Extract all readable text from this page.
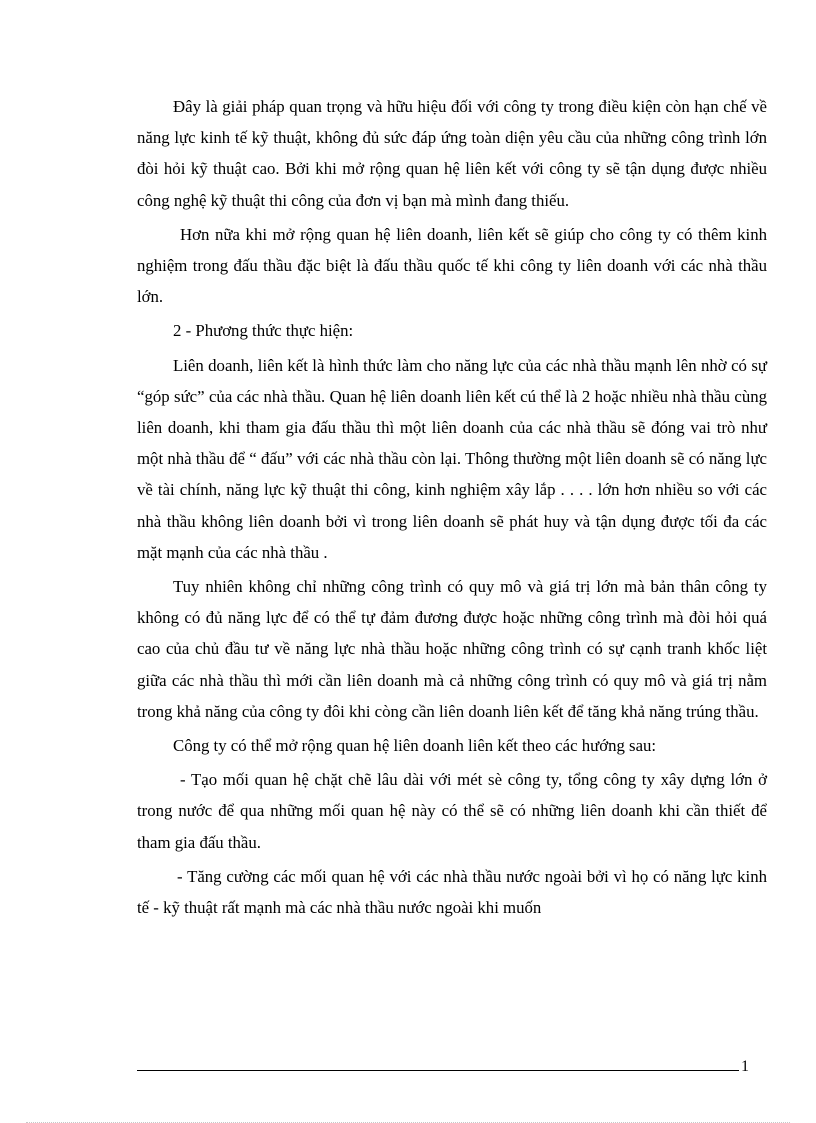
Đây là giải pháp quan trọng và hữu hiệu đối với công ty trong điều kiện còn hạn chế về năng lực kinh tế kỹ thuật, không đủ sức đáp ứng toàn diện yêu cầu của những công trình lớn đòi hỏi kỹ thuật cao. Bởi khi mở rộng quan hệ liên kết với công ty sẽ tận dụng được nhiều công nghệ kỹ thuật thi công của đơn vị bạn mà mình đang thiếu.

Hơn nữa khi mở rộng quan hệ liên doanh, liên kết sẽ giúp cho công ty có thêm kinh nghiệm trong đấu thầu đặc biệt là đấu thầu quốc tế khi công ty liên doanh với các nhà thầu lớn.

2 - Phương thức thực hiện:

Liên doanh, liên kết là hình thức làm cho năng lực của các nhà thầu mạnh lên nhờ có sự “góp sức” của các nhà thầu. Quan hệ liên doanh liên kết cú thể là 2 hoặc nhiều nhà thầu cùng liên doanh, khi tham gia đấu thầu thì một liên doanh của các nhà thầu sẽ đóng vai trò như một nhà thầu để “ đấu” với các nhà thầu còn lại. Thông thường một liên doanh sẽ có năng lực về tài chính, năng lực kỹ thuật thi công, kinh nghiệm xây lắp . . . . lớn hơn nhiều so với các nhà thầu không liên doanh bởi vì trong liên doanh sẽ phát huy và tận dụng được tối đa các mặt mạnh của các nhà thầu .

Tuy nhiên không chỉ những công trình có quy mô và giá trị lớn mà bản thân công ty không có đủ năng lực để có thể tự đảm đương được hoặc những công trình mà đòi hỏi quá cao của chủ đầu tư về năng lực nhà thầu hoặc những công trình có sự cạnh tranh khốc liệt giữa các nhà thầu thì mới cần liên doanh mà cả những công trình có quy mô và giá trị nằm trong khả năng của công ty đôi khi còng cần liên doanh liên kết để tăng khả năng trúng thầu.

Công ty có thể mở rộng quan hệ liên doanh liên kết theo các hướng sau:

- Tạo mối quan hệ chặt chẽ lâu dài với mét sè công ty, tổng công ty xây dựng lớn ở trong nước để qua những mối quan hệ này có thể sẽ có những liên doanh khi cần thiết để tham gia đấu thầu.

- Tăng cường các mối quan hệ với các nhà thầu nước ngoài bởi vì họ có năng lực kinh tế - kỹ thuật rất mạnh mà các nhà thầu nước ngoài khi muốn

1
